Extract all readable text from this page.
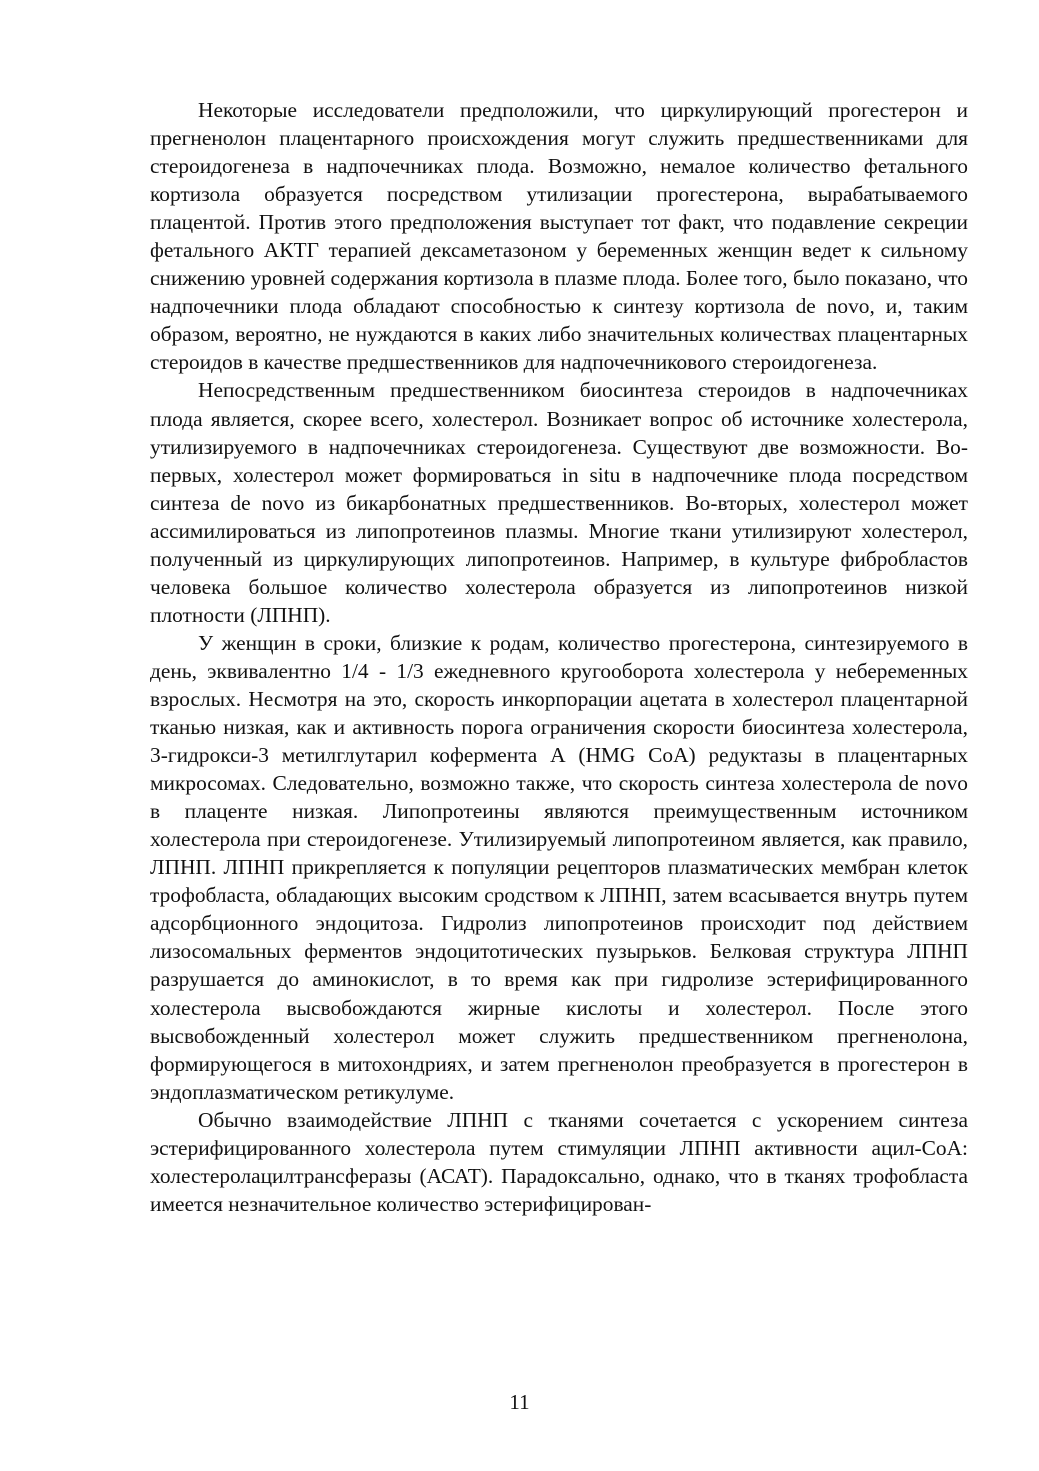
Некоторые исследователи предположили, что циркулирующий прогестерон и прегненолон плацентарного происхождения могут служить предшественниками для стероидогенеза в надпочечниках плода. Возможно, немалое количество фетального кортизола образуется посредством утилизации прогестерона, вырабатываемого плацентой. Против этого предположения выступает тот факт, что подавление секреции фетального АКТГ терапией дексаметазоном у беременных женщин ведет к сильному снижению уровней содержания кортизола в плазме плода. Более того, было показано, что надпочечники плода обладают способностью к синтезу кортизола de novo, и, таким образом, вероятно, не нуждаются в каких либо значительных количествах плацентарных стероидов в качестве предшественников для надпочечникового стероидогенеза.

Непосредственным предшественником биосинтеза стероидов в надпочечниках плода является, скорее всего, холестерол. Возникает вопрос об источнике холестерола, утилизируемого в надпочечниках стероидогенеза. Существуют две возможности. Во-первых, холестерол может формироваться in situ в надпочечнике плода посредством синтеза de novo из бикарбонатных предшественников. Во-вторых, холестерол может ассимилироваться из липопротеинов плазмы. Многие ткани утилизируют холестерол, полученный из циркулирующих липопротеинов. Например, в культуре фибробластов человека большое количество холестерола образуется из липопротеинов низкой плотности (ЛПНП).

У женщин в сроки, близкие к родам, количество прогестерона, синтезируемого в день, эквивалентно 1/4 - 1/3 ежедневного кругооборота холестерола у небеременных взрослых. Несмотря на это, скорость инкорпорации ацетата в холестерол плацентарной тканью низкая, как и активность порога ограничения скорости биосинтеза холестерола, 3-гидрокси-3 метилглутарил кофермента А (HMG CoA) редуктазы в плацентарных микросомах. Следовательно, возможно также, что скорость синтеза холестерола de novo в плаценте низкая. Липопротеины являются преимущественным источником холестерола при стероидогенезе. Утилизируемый липопротеином является, как правило, ЛПНП. ЛПНП прикрепляется к популяции рецепторов плазматических мембран клеток трофобласта, обладающих высоким сродством к ЛПНП, затем всасывается внутрь путем адсорбционного эндоцитоза. Гидролиз липопротеинов происходит под действием лизосомальных ферментов эндоцитотических пузырьков. Белковая структура ЛПНП разрушается до аминокислот, в то время как при гидролизе эстерифицированного холестерола высвобождаются жирные кислоты и холестерол. После этого высвобожденный холестерол может служить предшественником прегненолона, формирующегося в митохондриях, и затем прегненолон преобразуется в прогестерон в эндоплазматическом ретикулуме.

Обычно взаимодействие ЛПНП с тканями сочетается с ускорением синтеза эстерифицированного холестерола путем стимуляции ЛПНП активности ацил-CoA: холестеролацилтрансферазы (АСАТ). Парадоксально, однако, что в тканях трофобласта имеется незначительное количество эстерифицирован-

11
